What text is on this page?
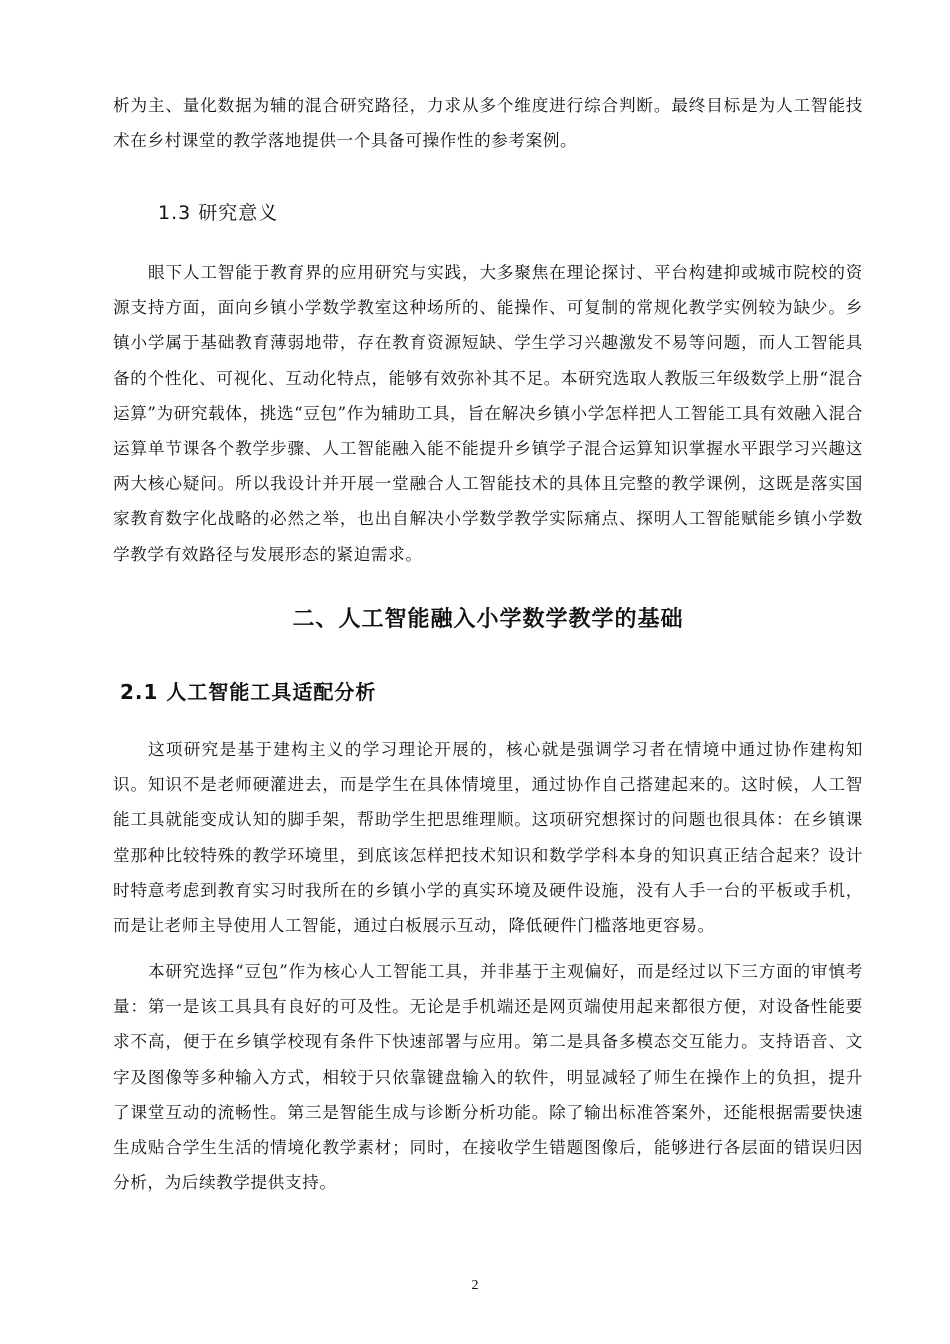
析为主、量化数据为辅的混合研究路径，力求从多个维度进行综合判断。最终目标是为人工智能技术在乡村课堂的教学落地提供一个具备可操作性的参考案例。

1.3 研究意义

眼下人工智能于教育界的应用研究与实践，大多聚焦在理论探讨、平台构建抑或城市院校的资源支持方面，面向乡镇小学数学教室这种场所的、能操作、可复制的常规化教学实例较为缺少。乡镇小学属于基础教育薄弱地带，存在教育资源短缺、学生学习兴趣激发不易等问题，而人工智能具备的个性化、可视化、互动化特点，能够有效弥补其不足。本研究选取人教版三年级数学上册“混合运算”为研究载体，挑选“豆包”作为辅助工具，旨在解决乡镇小学怎样把人工智能工具有效融入混合运算单节课各个教学步骤、人工智能融入能不能提升乡镇学子混合运算知识掌握水平跟学习兴趣这两大核心疑问。所以我设计并开展一堂融合人工智能技术的具体且完整的教学课例，这既是落实国家教育数字化战略的必然之举，也出自解决小学数学教学实际痛点、探明人工智能赋能乡镇小学数学教学有效路径与发展形态的紧迫需求。

二、人工智能融入小学数学教学的基础
2.1 人工智能工具适配分析

这项研究是基于建构主义的学习理论开展的，核心就是强调学习者在情境中通过协作建构知识。知识不是老师硬灌进去，而是学生在具体情境里，通过协作自己搭建起来的。这时候，人工智能工具就能变成认知的脚手架，帮助学生把思维理顺。这项研究想探讨的问题也很具体：在乡镇课堂那种比较特殊的教学环境里，到底该怎样把技术知识和数学学科本身的知识真正结合起来？设计时特意考虑到教育实习时我所在的乡镇小学的真实环境及硬件设施，没有人手一台的平板或手机，而是让老师主导使用人工智能，通过白板展示互动，降低硬件门槛落地更容易。

本研究选择“豆包”作为核心人工智能工具，并非基于主观偏好，而是经过以下三方面的审慎考量：第一是该工具具有良好的可及性。无论是手机端还是网页端使用起来都很方便，对设备性能要求不高，便于在乡镇学校现有条件下快速部署与应用。第二是具备多模态交互能力。支持语音、文字及图像等多种输入方式，相较于只依靠键盘输入的软件，明显减轻了师生在操作上的负担，提升了课堂互动的流畅性。第三是智能生成与诊断分析功能。除了输出标准答案外，还能根据需要快速生成贴合学生生活的情境化教学素材；同时，在接收学生错题图像后，能够进行各层面的错误归因分析，为后续教学提供支持。

2
